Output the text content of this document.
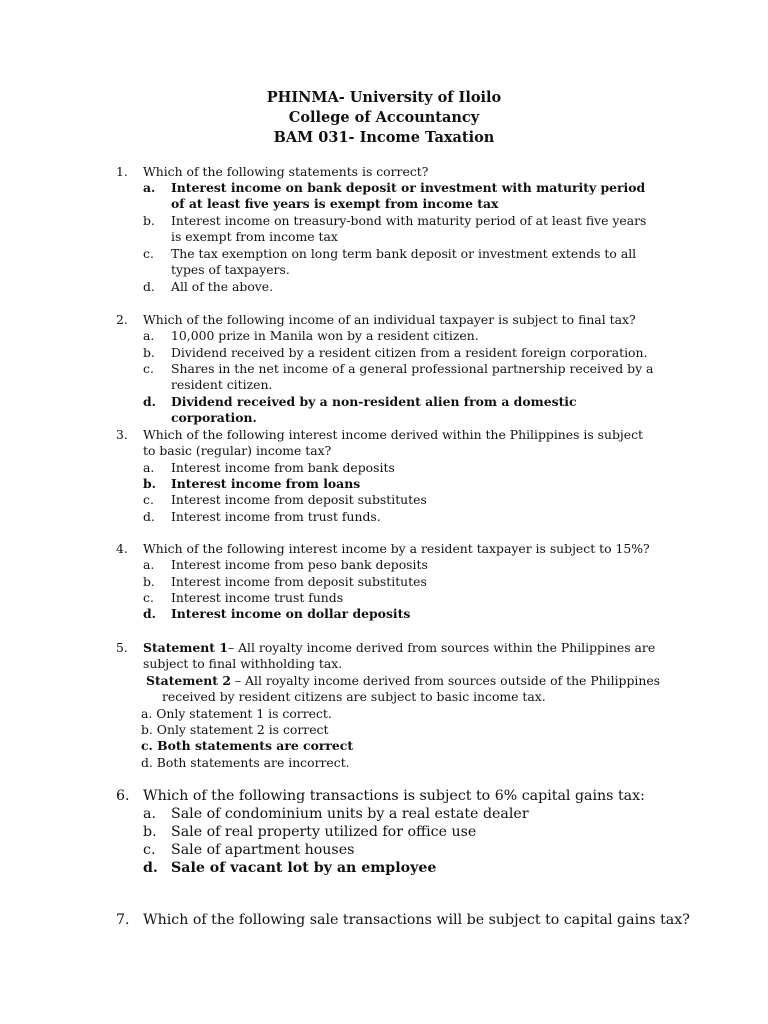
PHINMA- University of Iloilo
College of Accountancy
BAM 031- Income Taxation
1. Which of the following statements is correct?
a.	Interest income on bank deposit or investment with maturity period of at least five years is exempt from income tax
b.	Interest income on treasury-bond with maturity period of at least five years is exempt from income tax
c.	The tax exemption on long term bank deposit or investment extends to all types of taxpayers.
d.	All of the above.
2. Which of the following income of an individual taxpayer is subject to final tax?
a.	10,000 prize in Manila won by a resident citizen.
b.	Dividend received by a resident citizen from a resident foreign corporation.
c.	Shares in the net income of a general professional partnership received by a resident citizen.
d.	Dividend received by a non-resident alien from a domestic corporation.
3. Which of the following interest income derived within the Philippines is subject to basic (regular) income tax?
a.	Interest income from bank deposits
b.	Interest income from loans
c.	Interest income from deposit substitutes
d.	Interest income from trust funds.
4. Which of the following interest income by a resident taxpayer is subject to 15%?
a.	Interest income from peso bank deposits
b.	Interest income from deposit substitutes
c.	Interest income trust funds
d.	Interest income on dollar deposits
5. Statement 1– All royalty income derived from sources within the Philippines are subject to final withholding tax.
Statement 2 – All royalty income derived from sources outside of the Philippines
received by resident citizens are subject to basic income tax.
a. Only statement 1 is correct.
b. Only statement 2 is correct
c. Both statements are correct
d. Both statements are incorrect.
6. Which of the following transactions is subject to 6% capital gains tax:
a.	Sale of condominium units by a real estate dealer
b.	Sale of real property utilized for office use
c.	Sale of apartment houses
d. Sale of vacant lot by an employee
7. Which of the following sale transactions will be subject to capital gains tax?
